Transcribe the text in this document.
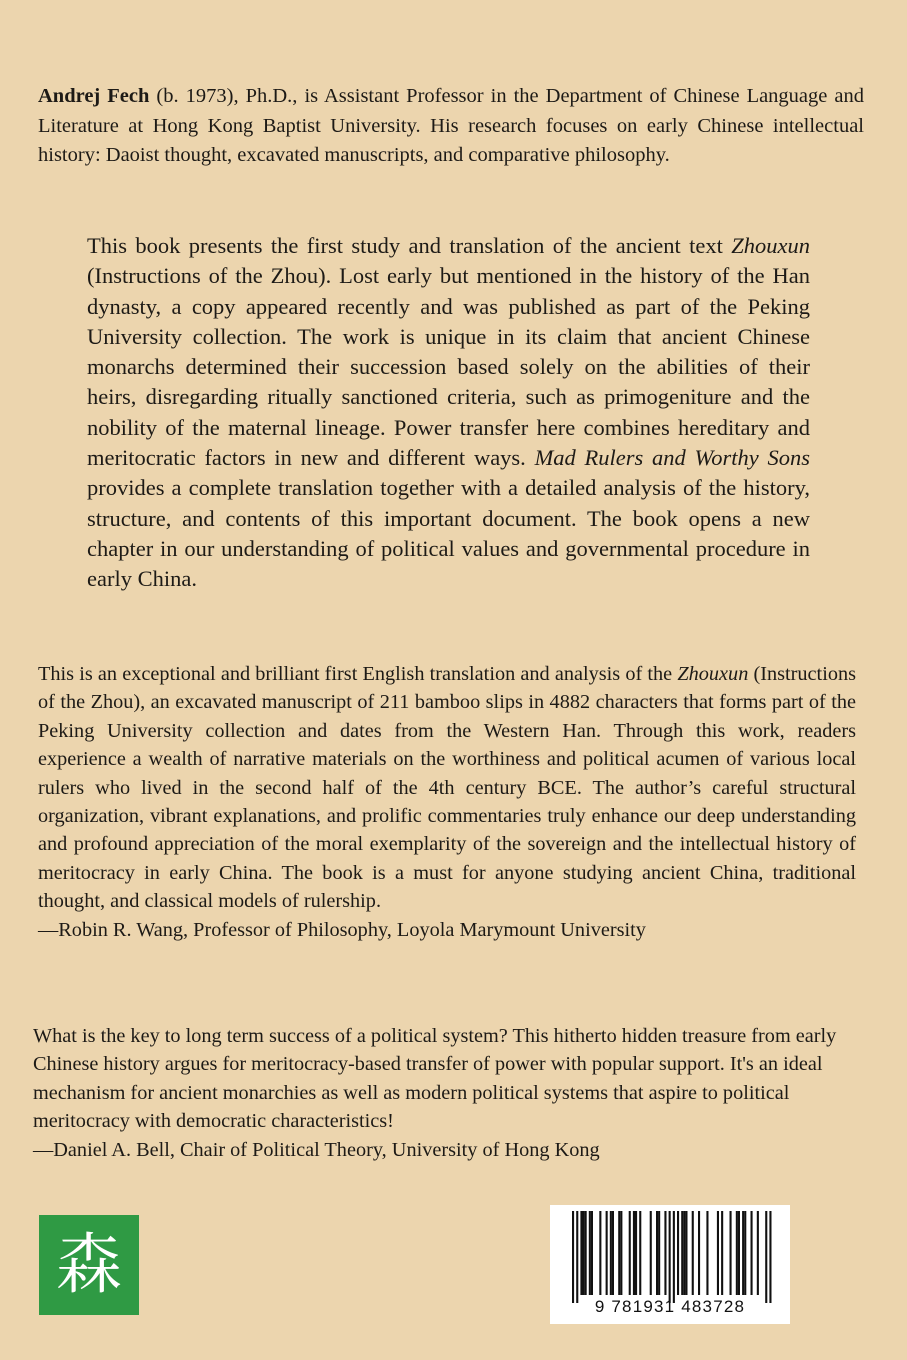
Andrej Fech (b. 1973), Ph.D., is Assistant Professor in the Department of Chinese Language and Literature at Hong Kong Baptist University. His research focuses on early Chinese intellectual history: Daoist thought, excavated manuscripts, and comparative philosophy.
This book presents the first study and translation of the ancient text Zhouxun (Instructions of the Zhou). Lost early but mentioned in the history of the Han dynasty, a copy appeared recently and was published as part of the Peking University collection. The work is unique in its claim that ancient Chinese monarchs determined their succession based solely on the abilities of their heirs, disregarding ritually sanctioned criteria, such as primogeniture and the nobility of the maternal lineage. Power transfer here combines hereditary and meritocratic factors in new and different ways. Mad Rulers and Worthy Sons provides a complete translation together with a detailed analysis of the history, structure, and contents of this important document. The book opens a new chapter in our understanding of political values and governmental procedure in early China.
This is an exceptional and brilliant first English translation and analysis of the Zhouxun (Instructions of the Zhou), an excavated manuscript of 211 bamboo slips in 4882 characters that forms part of the Peking University collection and dates from the Western Han. Through this work, readers experience a wealth of narrative materials on the worthiness and political acumen of various local rulers who lived in the second half of the 4th century BCE. The author’s careful structural organization, vibrant explanations, and prolific commentaries truly enhance our deep understanding and profound appreciation of the moral exemplarity of the sovereign and the intellectual history of meritocracy in early China. The book is a must for anyone studying ancient China, traditional thought, and classical models of rulership.
—Robin R. Wang, Professor of Philosophy, Loyola Marymount University
What is the key to long term success of a political system? This hitherto hidden treasure from early Chinese history argues for meritocracy-based transfer of power with popular support. It's an ideal mechanism for ancient monarchies as well as modern political systems that aspire to political meritocracy with democratic characteristics!
—Daniel A. Bell, Chair of Political Theory, University of Hong Kong
森
9 781931 483728
